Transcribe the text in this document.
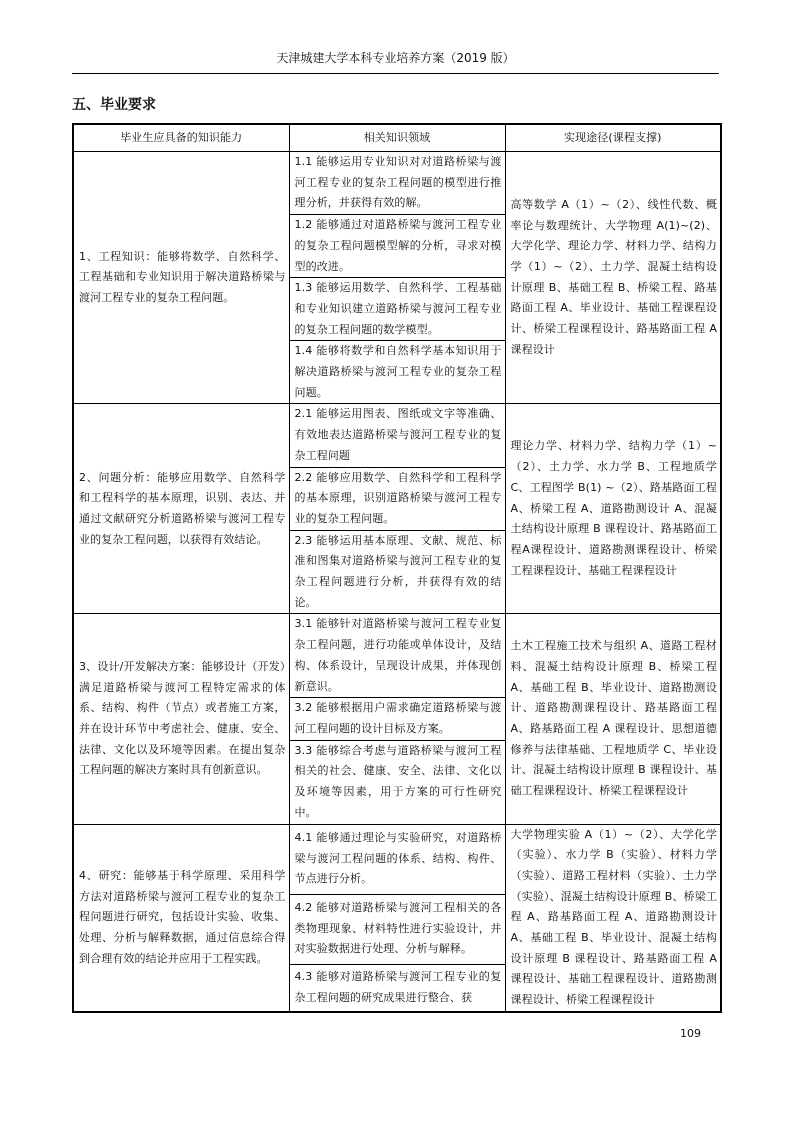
天津城建大学本科专业培养方案（2019 版）
五、毕业要求
毕业生应具备的知识能力	相关知识领域	实现途径(课程支撑)
1、工程知识：能够将数学、自然科学、工程基础和专业知识用于解决道路桥梁与渡河工程专业的复杂工程问题。	1.1 能够运用专业知识对对道路桥梁与渡河工程专业的复杂工程问题的模型进行推理分析，并获得有效的解。	高等数学 A（1）~（2）、线性代数、概率论与数理统计、大学物理 A(1)~(2)、大学化学、理论力学、材料力学、结构力学（1）~（2）、土力学、混凝土结构设计原理 B、基础工程 B、桥梁工程、路基路面工程 A、毕业设计、基础工程课程设计、桥梁工程课程设计、路基路面工程 A 课程设计
	1.2 能够通过对道路桥梁与渡河工程专业的复杂工程问题模型解的分析，寻求对模型的改进。	
	1.3 能够运用数学、自然科学、工程基础和专业知识建立道路桥梁与渡河工程专业的复杂工程问题的数学模型。	
	1.4 能够将数学和自然科学基本知识用于解决道路桥梁与渡河工程专业的复杂工程问题。	
2、问题分析：能够应用数学、自然科学和工程科学的基本原理，识别、表达、并通过文献研究分析道路桥梁与渡河工程专业的复杂工程问题，以获得有效结论。	2.1 能够运用图表、图纸或文字等准确、有效地表达道路桥梁与渡河工程专业的复杂工程问题	理论力学、材料力学、结构力学（1）~（2）、土力学、水力学 B、工程地质学 C、工程图学 B(1) ~（2）、路基路面工程 A、桥梁工程 A、道路勘测设计 A、混凝土结构设计原理 B 课程设计、路基路面工程A课程设计、道路勘测课程设计、桥梁工程课程设计、基础工程课程设计
	2.2 能够应用数学、自然科学和工程科学的基本原理，识别道路桥梁与渡河工程专业的复杂工程问题。	
	2.3 能够运用基本原理、文献、规范、标准和图集对道路桥梁与渡河工程专业的复杂工程问题进行分析，并获得有效的结论。	
3、设计/开发解决方案：能够设计（开发）满足道路桥梁与渡河工程特定需求的体系、结构、构件（节点）或者施工方案，并在设计环节中考虑社会、健康、安全、法律、文化以及环境等因素。在提出复杂工程问题的解决方案时具有创新意识。	3.1 能够针对道路桥梁与渡河工程专业复杂工程问题，进行功能或单体设计，及结构、体系设计，呈现设计成果，并体现创新意识。	土木工程施工技术与组织 A、道路工程材料、混凝土结构设计原理 B、桥梁工程 A、基础工程 B、毕业设计、道路勘测设计、道路勘测课程设计、路基路面工程 A、路基路面工程 A 课程设计、思想道德修养与法律基础、工程地质学 C、毕业设计、混凝土结构设计原理 B 课程设计、基础工程课程设计、桥梁工程课程设计
	3.2 能够根据用户需求确定道路桥梁与渡河工程问题的设计目标及方案。	
	3.3 能够综合考虑与道路桥梁与渡河工程相关的社会、健康、安全、法律、文化以及环境等因素，用于方案的可行性研究中。	
4、研究：能够基于科学原理、采用科学方法对道路桥梁与渡河工程专业的复杂工程问题进行研究，包括设计实验、收集、处理、分析与解释数据，通过信息综合得到合理有效的结论并应用于工程实践。	4.1 能够通过理论与实验研究，对道路桥梁与渡河工程问题的体系、结构、构件、节点进行分析。	大学物理实验 A（1）~（2）、大学化学（实验）、水力学 B（实验）、材料力学（实验）、道路工程材料（实验）、土力学（实验）、混凝土结构设计原理 B、桥梁工程 A、路基路面工程 A、道路勘测设计 A、基础工程 B、毕业设计、混凝土结构设计原理 B 课程设计、路基路面工程 A 课程设计、基础工程课程设计、道路勘测课程设计、桥梁工程课程设计
	4.2 能够对道路桥梁与渡河工程相关的各类物理现象、材料特性进行实验设计，并对实验数据进行处理、分析与解释。	
	4.3 能够对道路桥梁与渡河工程专业的复杂工程问题的研究成果进行整合、获	
109
